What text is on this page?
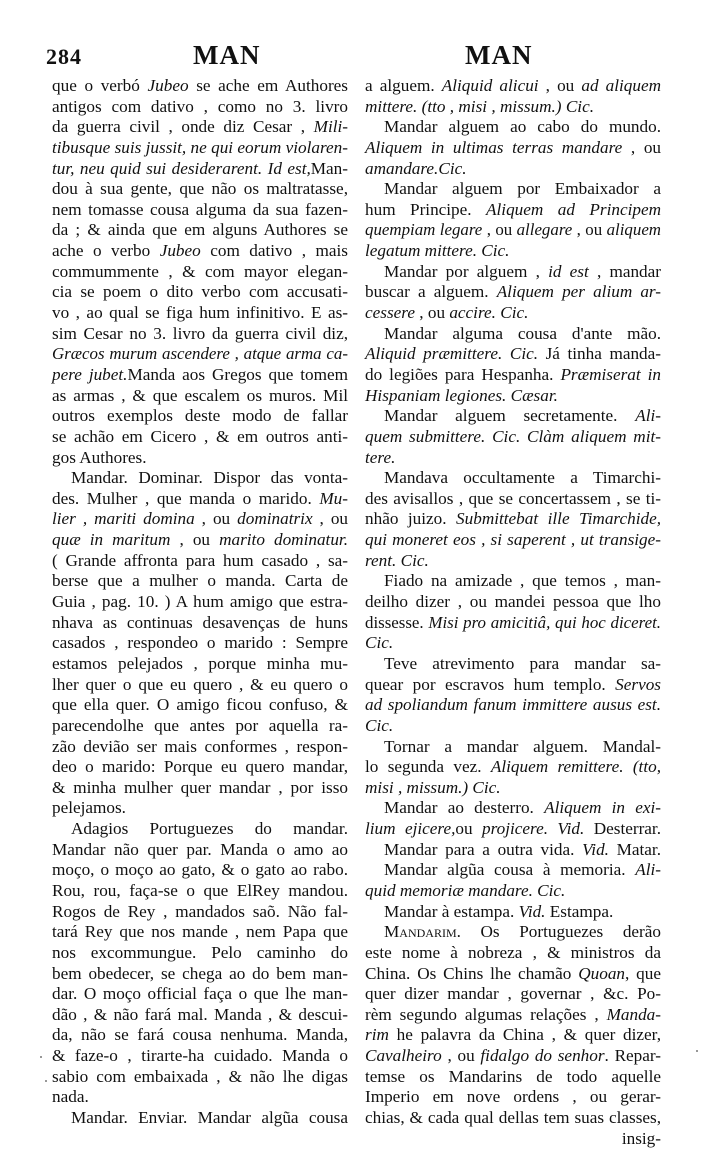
284	MAN	MAN
que o verbó Jubeo se ache em Authores
antigos com dativo , como no 3. livro
da guerra civil , onde diz Cesar , Mili-
tibusque suis jussit, ne qui eorum violaren-
tur, neu quid sui desiderarent. Id est,Man-
dou à sua gente, que não os maltratasse,
nem tomasse cousa alguma da sua fazen-
da ; & ainda que em alguns Authores se
ache o verbo Jubeo com dativo , mais
commummente , & com mayor elegan-
cia se poem o dito verbo com accusati-
vo , ao qual se figa hum infinitivo. E as-
sim Cesar no 3. livro da guerra civil diz,
Græcos murum ascendere , atque arma ca-
pere jubet.Manda aos Gregos que tomem
as armas , & que escalem os muros. Mil
outros exemplos deste modo de fallar
se achão em Cicero , & em outros anti-
gos Authores.
Mandar. Dominar. Dispor das vonta-
des. Mulher , que manda o marido. Mu-
lier , mariti domina , ou dominatrix , ou
quæ in maritum , ou marito dominatur.
( Grande affronta para hum casado , sa-
berse que a mulher o manda. Carta de
Guia , pag. 10. ) A hum amigo que estra-
nhava as continuas desavenças de huns
casados , respondeo o marido : Sempre
estamos pelejados , porque minha mu-
lher quer o que eu quero , & eu quero o
que ella quer. O amigo ficou confuso, &
parecendolhe que antes por aquella ra-
zão devião ser mais conformes , respon-
deo o marido: Porque eu quero mandar,
& minha mulher quer mandar , por isso
pelejamos.
Adagios Portuguezes do mandar.
Mandar não quer par. Manda o amo ao
moço, o moço ao gato, & o gato ao rabo.
Rou, rou, faça-se o que ElRey mandou.
Rogos de Rey , mandados saõ. Não fal-
tará Rey que nos mande , nem Papa que
nos excommungue. Pelo caminho do
bem obedecer, se chega ao do bem man-
dar. O moço official faça o que lhe man-
dão , & não fará mal. Manda , & descui-
da, não se fará cousa nenhuma. Manda,
& faze-o , tirarte-ha cuidado. Manda o
sabio com embaixada , & não lhe digas
nada.
Mandar. Enviar. Mandar algũa cousa
a alguem. Aliquid alicui , ou ad aliquem
mittere. (tto , misi , missum.) Cic.
Mandar alguem ao cabo do mundo.
Aliquem in ultimas terras mandare , ou
amandare.Cic.
Mandar alguem por Embaixador a
hum Principe. Aliquem ad Principem
quempiam legare , ou allegare , ou aliquem
legatum mittere. Cic.
Mandar por alguem , id est , mandar
buscar a alguem. Aliquem per alium ar-
cessere , ou accire. Cic.
Mandar alguma cousa d'ante mão.
Aliquid præmittere. Cic. Já tinha manda-
do legiões para Hespanha. Præmiserat in
Hispaniam legiones. Cæsar.
Mandar alguem secretamente. Ali-
quem submittere. Cic. Clàm aliquem mit-
tere.
Mandava occultamente a Timarchi-
des avisallos , que se concertassem , se ti-
nhão juizo. Submittebat ille Timarchide,
qui moneret eos , si saperent , ut transige-
rent. Cic.
Fiado na amizade , que temos , man-
deilho dizer , ou mandei pessoa que lho
dissesse. Misi pro amicitiâ, qui hoc diceret.
Cic.
Teve atrevimento para mandar sa-
quear por escravos hum templo. Servos
ad spoliandum fanum immittere ausus est.
Cic.
Tornar a mandar alguem. Mandal-
lo segunda vez. Aliquem remittere. (tto,
misi , missum.) Cic.
Mandar ao desterro. Aliquem in exi-
lium ejicere,ou projicere. Vid. Desterrar.
Mandar para a outra vida. Vid. Matar.
Mandar algũa cousa à memoria. Ali-
quid memoriæ mandare. Cic.
Mandar à estampa. Vid. Estampa.
Mandarim. Os Portuguezes derão
este nome à nobreza , & ministros da
China. Os Chins lhe chamão Quoan, que
quer dizer mandar , governar , &c. Po-
rèm segundo algumas relações , Manda-
rim he palavra da China , & quer dizer,
Cavalheiro , ou fidalgo do senhor. Repar-
temse os Mandarins de todo aquelle
Imperio em nove ordens , ou gerar-
chias, & cada qual dellas tem suas classes,
insig-
